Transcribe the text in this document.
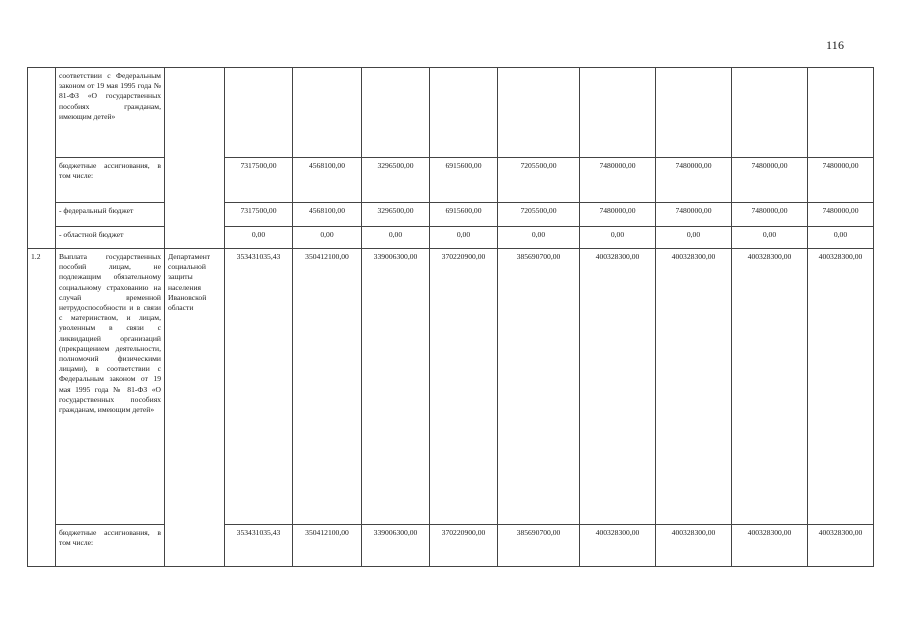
116
	соответствии с Федеральным законом от 19 мая 1995 года № 81-ФЗ «О государственных пособиях гражданам, имеющим детей»										
	бюджетные ассигнования, в том числе:		7317500,00	4568100,00	3296500,00	6915600,00	7205500,00	7480000,00	7480000,00	7480000,00	7480000,00
	- федеральный бюджет		7317500,00	4568100,00	3296500,00	6915600,00	7205500,00	7480000,00	7480000,00	7480000,00	7480000,00
	- областной бюджет		0,00	0,00	0,00	0,00	0,00	0,00	0,00	0,00	0,00
1.2	Выплата государственных пособий лицам, не подлежащим обязательному социальному страхованию на случай временной нетрудоспособности и в связи с материнством, и лицам, уволенным в связи с ликвидацией организаций (прекращением деятельности, полномочий физическими лицами), в соответствии с Федеральным законом от 19 мая 1995 года № 81-ФЗ «О государственных пособиях гражданам, имеющим детей»	Департамент социальной защиты населения Ивановской области	353431035,43	350412100,00	339006300,00	370220900,00	385690700,00	400328300,00	400328300,00	400328300,00	400328300,00
	бюджетные ассигнования, в том числе:		353431035,43	350412100,00	339006300,00	370220900,00	385690700,00	400328300,00	400328300,00	400328300,00	400328300,00
